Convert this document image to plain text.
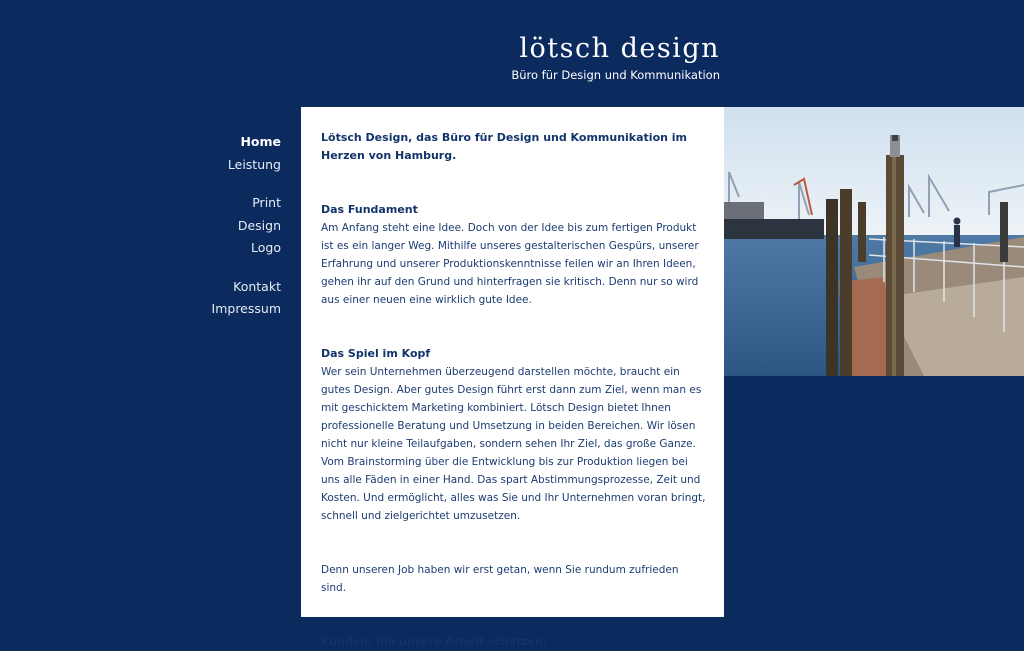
lötsch design
Büro für Design und Kommunikation
Home
Leistung
Print
Design
Logo
Kontakt
Impressum

Lötsch Design, das Büro für Design und Kommunikation im Herzen von Hamburg.

Das Fundament

Am Anfang steht eine Idee. Doch von der Idee bis zum fertigen Produkt ist es ein langer Weg. Mithilfe unseres gestalterischen Gespürs, unserer Erfahrung und unserer Produktionskenntnisse feilen wir an Ihren Ideen, gehen ihr auf den Grund und hinterfragen sie kritisch. Denn nur so wird aus einer neuen eine wirklich gute Idee.

Das Spiel im Kopf

Wer sein Unternehmen überzeugend darstellen möchte, braucht ein gutes Design. Aber gutes Design führt erst dann zum Ziel, wenn man es mit geschicktem Marketing kombiniert. Lötsch Design bietet Ihnen professionelle Beratung und Umsetzung in beiden Bereichen. Wir lösen nicht nur kleine Teilaufgaben, sondern sehen Ihr Ziel, das große Ganze. Vom Brainstorming über die Entwicklung bis zur Produktion liegen bei uns alle Fäden in einer Hand. Das spart Abstimmungsprozesse, Zeit und Kosten. Und ermöglicht, alles was Sie und Ihr Unternehmen voran bringt, schnell und zielgerichtet umzusetzen.

Denn unseren Job haben wir erst getan, wenn Sie rundum zufrieden sind.

Kunden, die unsere Arbeit schätzen:
